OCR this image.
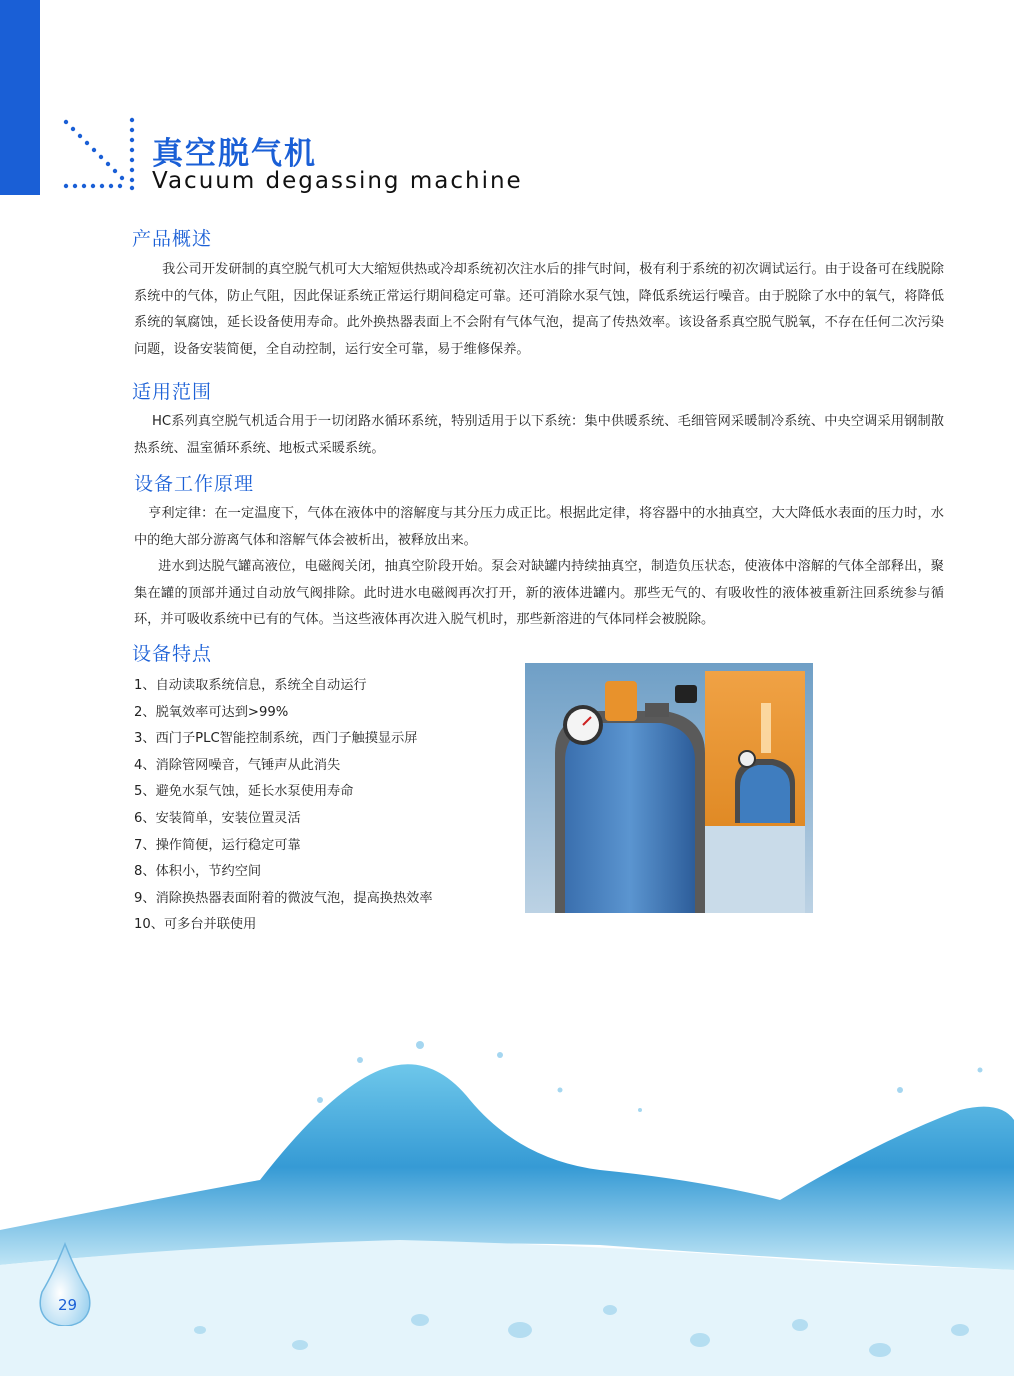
真空脱气机
Vacuum degassing machine
产品概述
我公司开发研制的真空脱气机可大大缩短供热或冷却系统初次注水后的排气时间，极有利于系统的初次调试运行。由于设备可在线脱除系统中的气体，防止气阻，因此保证系统正常运行期间稳定可靠。还可消除水泵气蚀，降低系统运行噪音。由于脱除了水中的氧气，将降低系统的氧腐蚀，延长设备使用寿命。此外换热器表面上不会附有气体气泡，提高了传热效率。该设备系真空脱气脱氧，不存在任何二次污染问题，设备安装简便，全自动控制，运行安全可靠，易于维修保养。
适用范围
HC系列真空脱气机适合用于一切闭路水循环系统，特别适用于以下系统：集中供暖系统、毛细管网采暖制冷系统、中央空调采用钢制散热系统、温室循环系统、地板式采暖系统。
设备工作原理
亨利定律：在一定温度下，气体在液体中的溶解度与其分压力成正比。根据此定律，将容器中的水抽真空，大大降低水表面的压力时，水中的绝大部分游离气体和溶解气体会被析出，被释放出来。
进水到达脱气罐高液位，电磁阀关闭，抽真空阶段开始。泵会对缺罐内持续抽真空，制造负压状态，使液体中溶解的气体全部释出，聚集在罐的顶部并通过自动放气阀排除。此时进水电磁阀再次打开，新的液体进罐内。那些无气的、有吸收性的液体被重新注回系统参与循环，并可吸收系统中已有的气体。当这些液体再次进入脱气机时，那些新溶进的气体同样会被脱除。
设备特点
1、自动读取系统信息，系统全自动运行
2、脱氧效率可达到>99%
3、西门子PLC智能控制系统，西门子触摸显示屏
4、消除管网噪音，气锤声从此消失
5、避免水泵气蚀，延长水泵使用寿命
6、安装简单，安装位置灵活
7、操作简便，运行稳定可靠
8、体积小，节约空间
9、消除换热器表面附着的微波气泡，提高换热效率
10、可多台并联使用
29
